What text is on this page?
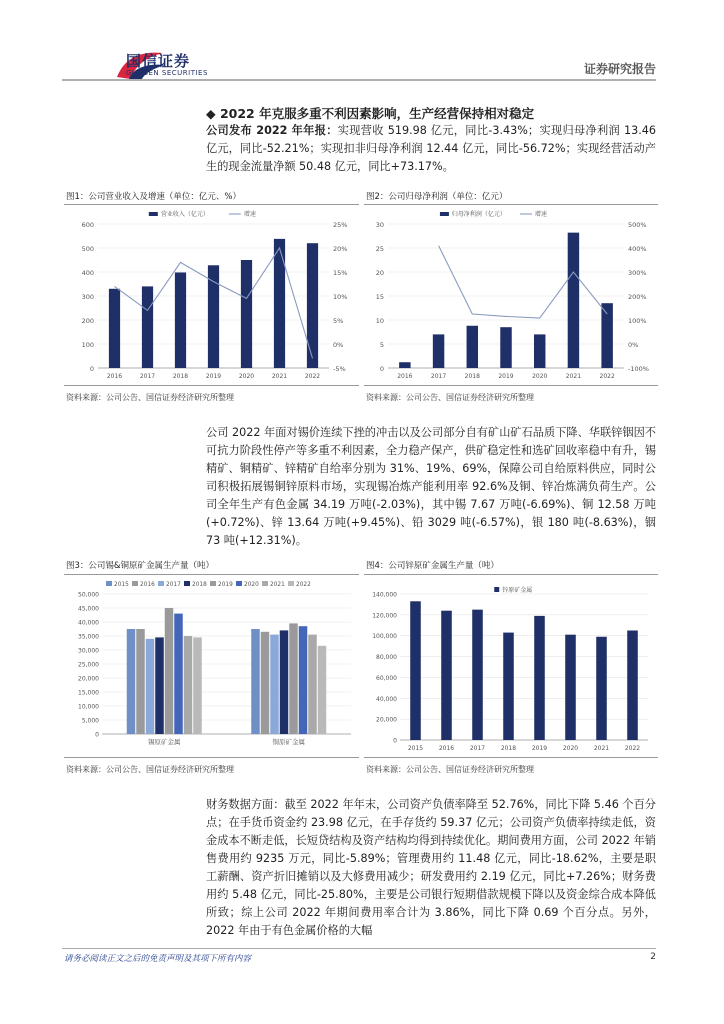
国信证券
GUOSEN SECURITIES	证券研究报告
◆ 2022 年克服多重不利因素影响，生产经营保持相对稳定
公司发布 2022 年年报：实现营收 519.98 亿元，同比-3.43%；实现归母净利润 13.46 亿元，同比-52.21%；实现扣非归母净利润 12.44 亿元，同比-56.72%；实现经营活动产生的现金流量净额 50.48 亿元，同比+73.17%。
图1：公司营业收入及增速（单位：亿元、%）
0
100
200
300
400
500
600
-5%
0%
5%
10%
15%
20%
25%
2016	2017	2018	2019	2020	2021	2022
营业收入（亿元）	增速
资料来源：公司公告、国信证券经济研究所整理
图2：公司归母净利润（单位：亿元）
0
5
10
15
20
25
30
-100%
0%
100%
200%
300%
400%
500%
2016	2017	2018	2019	2020	2021	2022
归母净利润（亿元）	增速
资料来源：公司公告、国信证券经济研究所整理
公司 2022 年面对锡价连续下挫的冲击以及公司部分自有矿山矿石品质下降、华联锌铟因不可抗力阶段性停产等多重不利因素，全力稳产保产，供矿稳定性和选矿回收率稳中有升，锡精矿、铜精矿、锌精矿自给率分别为 31%、19%、69%，保障公司自给原料供应，同时公司积极拓展锡铜锌原料市场，实现锡冶炼产能利用率 92.6%及铜、锌冶炼满负荷生产。公司全年生产有色金属 34.19 万吨(-2.03%)，其中锡 7.67 万吨(-6.69%)、铜 12.58 万吨(+0.72%)、锌 13.64 万吨(+9.45%)、铅 3029 吨(-6.57%)，银 180 吨(-8.63%)，铟 73 吨(+12.31%)。
图3：公司锡&铜原矿金属生产量（吨）
0
5,000
10,000
15,000
20,000
25,000
30,000
35,000
40,000
45,000
50,000
锡原矿金属	铜原矿金属
2015 2016 2017 2018 2019 2020 2021 2022
资料来源：公司公告、国信证券经济研究所整理
图4：公司锌原矿金属生产量（吨）
0
20,000
40,000
60,000
80,000
100,000
120,000
140,000
2015	2016	2017	2018	2019	2020	2021	2022
锌原矿金属
资料来源：公司公告、国信证券经济研究所整理
财务数据方面：截至 2022 年年末，公司资产负债率降至 52.76%，同比下降 5.46 个百分点；在手货币资金约 23.98 亿元，在手存货约 59.37 亿元；公司资产负债率持续走低，资金成本不断走低，长短贷结构及资产结构均得到持续优化。期间费用方面，公司 2022 年销售费用约 9235 万元，同比-5.89%；管理费用约 11.48 亿元，同比-18.62%，主要是职工薪酬、资产折旧摊销以及大修费用减少；研发费用约 2.19 亿元，同比+7.26%；财务费用约 5.48 亿元，同比-25.80%，主要是公司银行短期借款规模下降以及资金综合成本降低所致；综上公司 2022 年期间费用率合计为 3.86%，同比下降 0.69 个百分点。另外，2022 年由于有色金属价格的大幅
请务必阅读正文之后的免责声明及其项下所有内容	2
